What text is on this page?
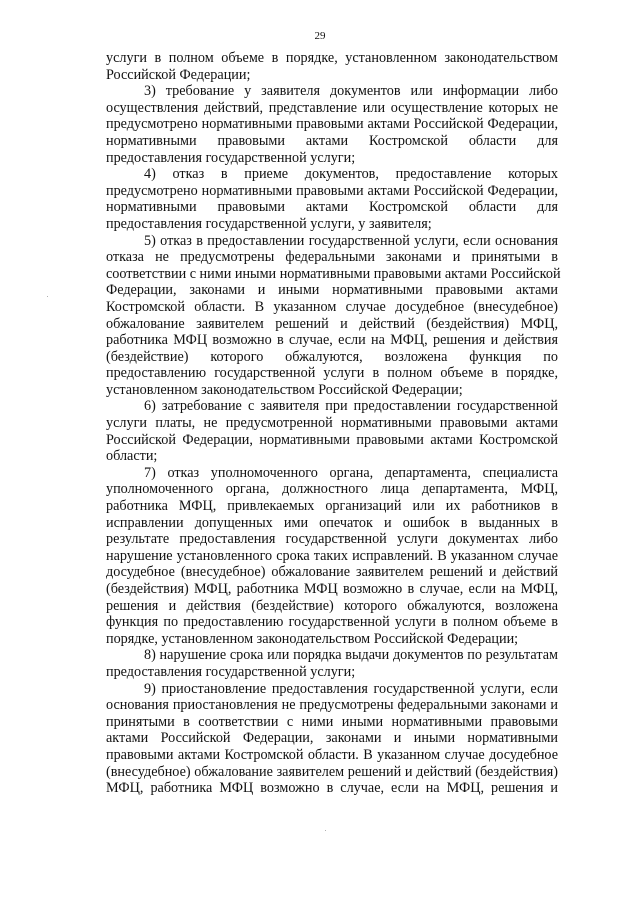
29
услуги в полном объеме в порядке, установленном законодательством
Российской Федерации;
3) требование у заявителя документов или информации либо
осуществления действий, представление или осуществление которых не
предусмотрено нормативными правовыми актами Российской Федерации,
нормативными правовыми актами Костромской области для
предоставления государственной услуги;
4) отказ в приеме документов, предоставление которых
предусмотрено нормативными правовыми актами Российской Федерации,
нормативными правовыми актами Костромской области для
предоставления государственной услуги, у заявителя;
5) отказ в предоставлении государственной услуги, если основания
отказа не предусмотрены федеральными законами и принятыми в
соответствии с ними иными нормативными правовыми актами Российской
Федерации, законами и иными нормативными правовыми актами
Костромской области. В указанном случае досудебное (внесудебное)
обжалование заявителем решений и действий (бездействия) МФЦ,
работника МФЦ возможно в случае, если на МФЦ, решения и действия
(бездействие) которого обжалуются, возложена функция по
предоставлению государственной услуги в полном объеме в порядке,
установленном законодательством Российской Федерации;
6) затребование с заявителя при предоставлении государственной
услуги платы, не предусмотренной нормативными правовыми актами
Российской Федерации, нормативными правовыми актами Костромской
области;
7) отказ уполномоченного органа, департамента, специалиста
уполномоченного органа, должностного лица департамента, МФЦ,
работника МФЦ, привлекаемых организаций или их работников в
исправлении допущенных ими опечаток и ошибок в выданных в
результате предоставления государственной услуги документах либо
нарушение установленного срока таких исправлений. В указанном случае
досудебное (внесудебное) обжалование заявителем решений и действий
(бездействия) МФЦ, работника МФЦ возможно в случае, если на МФЦ,
решения и действия (бездействие) которого обжалуются, возложена
функция по предоставлению государственной услуги в полном объеме в
порядке, установленном законодательством Российской Федерации;
8) нарушение срока или порядка выдачи документов по результатам
предоставления государственной услуги;
9) приостановление предоставления государственной услуги, если
основания приостановления не предусмотрены федеральными законами и
принятыми в соответствии с ними иными нормативными правовыми
актами Российской Федерации, законами и иными нормативными
правовыми актами Костромской области. В указанном случае досудебное
(внесудебное) обжалование заявителем решений и действий (бездействия)
МФЦ, работника МФЦ возможно в случае, если на МФЦ, решения и
